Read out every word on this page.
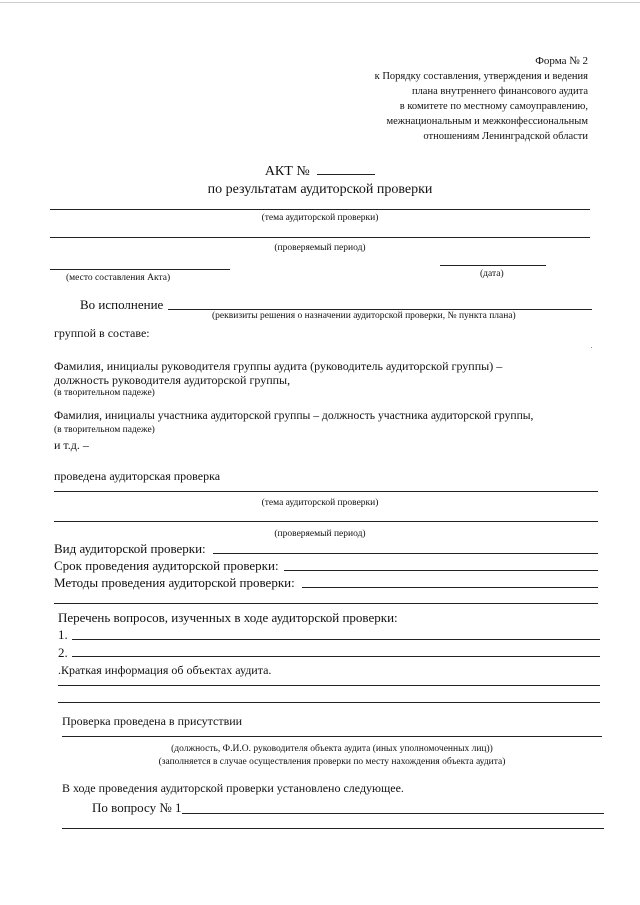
Форма № 2
к Порядку составления, утверждения и ведения
плана внутреннего финансового аудита
в комитете по местному самоуправлению,
межнациональным и межконфессиональным
отношениям Ленинградской области
АКТ №
по результатам аудиторской проверки
(тема аудиторской проверки)
(проверяемый период)
(место составления Акта)	(дата)
Во исполнение
(реквизиты решения о назначении аудиторской проверки, № пункта плана)
группой в составе:
Фамилия, инициалы руководителя группы аудита (руководитель аудиторской группы) –
должность руководителя аудиторской группы,
(в творительном падеже)
Фамилия, инициалы участника аудиторской группы – должность участника аудиторской группы,
(в творительном падеже)
и т.д. –
проведена аудиторская проверка
(тема аудиторской проверки)
(проверяемый период)
Вид аудиторской проверки:
Срок проведения аудиторской проверки:
Методы проведения аудиторской проверки:
Перечень вопросов, изученных в ходе аудиторской проверки:
1.
2.
.Краткая информация об объектах аудита.
Проверка проведена в присутствии
(должность, Ф.И.О. руководителя объекта аудита (иных уполномоченных лиц))
(заполняется в случае осуществления проверки по месту нахождения объекта аудита)
В ходе проведения аудиторской проверки установлено следующее.
По вопросу № 1
